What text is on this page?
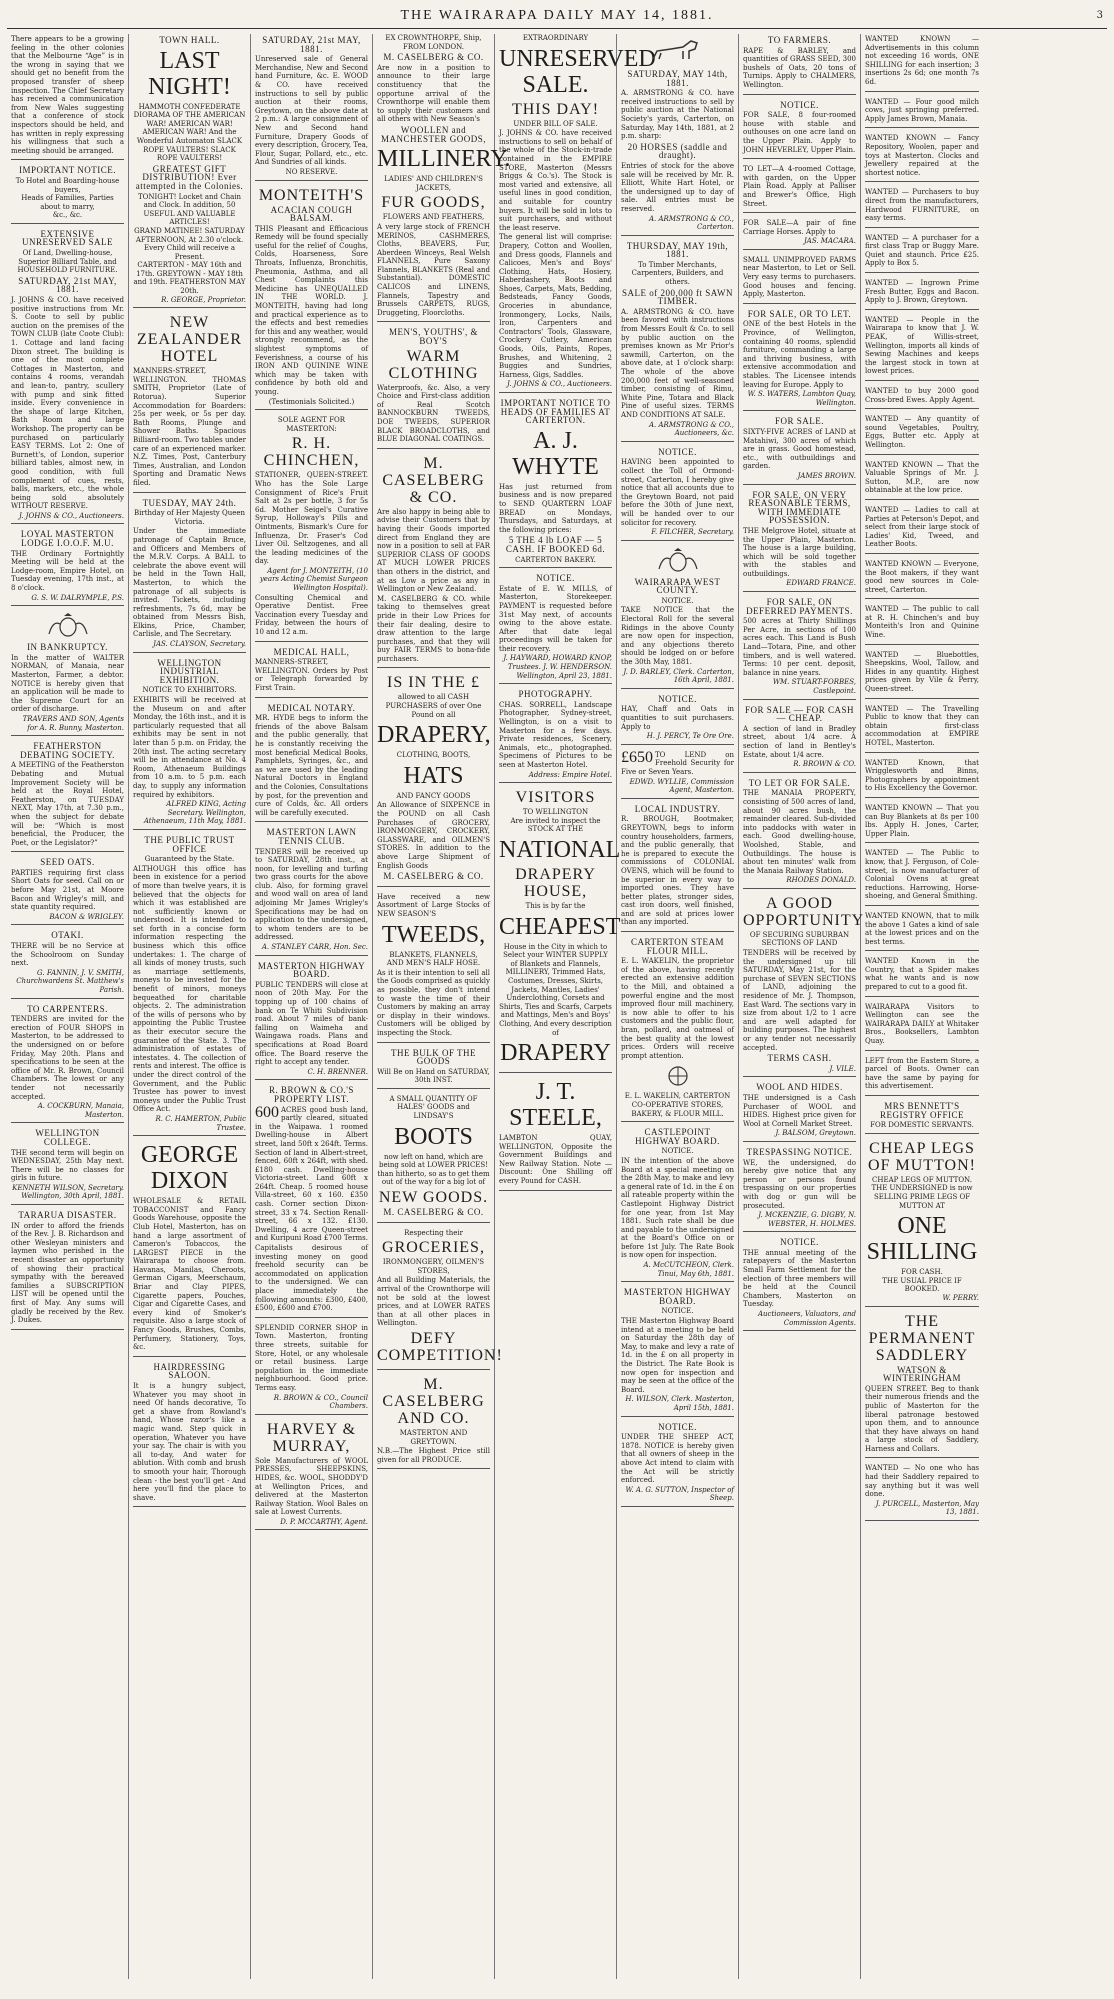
THE WAIRARAPA DAILY MAY 14, 1881.	3
There appears to be a growing feeling in the other colonies that the Melbourne “Age” is in the wrong in saying that we should get no benefit from the proposed transfer of sheep inspection. The Chief Secretary has received a communication from New Wales suggesting that a conference of stock inspectors should be held, and has written in reply expressing his willingness that such a meeting should be arranged.
IMPORTANT NOTICE.
To Hotel and Boarding-house buyers,
Heads of Families, Parties about to marry,
&c., &c.
EXTENSIVE UNRESERVED SALE
Of Land, Dwelling-house, Superior Billiard Table, and HOUSEHOLD FURNITURE.
SATURDAY, 21st MAY, 1881.
J. JOHNS & CO. have received positive instructions from Mr. S. Coote to sell by public auction on the premises of the TOWN CLUB (late Coote Club): 1. Cottage and land facing Dixon street. The building is one of the most complete Cottages in Masterton, and contains 4 rooms, verandah and lean-to, pantry, scullery with pump and sink fitted inside. Every convenience in the shape of large Kitchen, Bath Room and large Workshop. The property can be purchased on particularly EASY TERMS. Lot 2: One of Burnett's, of London, superior billiard tables, almost new, in good condition, with full complement of cues, rests, balls, markers, etc., the whole being sold absolutely WITHOUT RESERVE.
J. JOHNS & CO., Auctioneers.
LOYAL MASTERTON LODGE I.O.O.F. M.U.
THE Ordinary Fortnightly Meeting will be held at the Lodge-room, Empire Hotel, on Tuesday evening, 17th inst., at 8 o'clock.
G. S. W. DALRYMPLE, P.S.
IN BANKRUPTCY.
In the matter of WALTER NORMAN, of Manaia, near Masterton, Farmer, a debtor. NOTICE is hereby given that an application will be made to the Supreme Court for an order of discharge.
TRAVERS AND SON, Agents for A. R. Bunny, Masterton.
FEATHERSTON DEBATING SOCIETY.
A MEETING of the Featherston Debating and Mutual Improvement Society will be held at the Royal Hotel, Featherston, on TUESDAY NEXT, May 17th, at 7.30 p.m., when the subject for debate will be: “Which is most beneficial, the Producer, the Poet, or the Legislator?”
SEED OATS.
PARTIES requiring first class Short Oats for seed. Call on or before May 21st, at Moore Bacon and Wrigley's mill, and state quantity required.
BACON & WRIGLEY.
OTAKI.
THERE will be no Service at the Schoolroom on Sunday next.
G. FANNIN, J. V. SMITH, Churchwardens St. Matthew's Parish.
TO CARPENTERS.
TENDERS are invited for the erection of FOUR SHOPS in Masterton, to be addressed to the undersigned on or before Friday, May 20th. Plans and specifications to be seen at the office of Mr. R. Brown, Council Chambers. The lowest or any tender not necessarily accepted.
A. COCKBURN, Manaia, Masterton.
WELLINGTON COLLEGE.
THE second term will begin on WEDNESDAY, 25th May next. There will be no classes for girls in future.
KENNETH WILSON, Secretary. Wellington, 30th April, 1881.
TARARUA DISASTER.
IN order to afford the friends of the Rev. J. B. Richardson and other Wesleyan ministers and laymen who perished in the recent disaster an opportunity of showing their practical sympathy with the bereaved families a SUBSCRIPTION LIST will be opened until the first of May. Any sums will gladly be received by the Rev. J. Dukes.
TOWN HALL.
LAST NIGHT!
HAMMOTH CONFEDERATE DIORAMA OF THE AMERICAN WAR! AMERICAN WAR! AMERICAN WAR! And the Wonderful Automaton SLACK ROPE VAULTERS! SLACK ROPE VAULTERS!
GREATEST GIFT DISTRIBUTION! Ever attempted in the Colonies.
TONIGHT! Locket and Chain and Clock. In addition, 50 USEFUL AND VALUABLE ARTICLES!
GRAND MATINEE! SATURDAY AFTERNOON, At 2.30 o'clock. Every Child will receive a Present.
CARTERTON - MAY 16th and 17th. GREYTOWN - MAY 18th and 19th. FEATHERSTON MAY 20th.
R. GEORGE, Proprietor.
NEW ZEALANDER HOTEL
MANNERS-STREET, WELLINGTON. THOMAS SMITH, Proprietor (Late of Rotorua). Superior Accommodation for Boarders: 25s per week, or 5s per day. Bath Rooms, Plunge and Shower Baths. Spacious Billiard-room. Two tables under care of an experienced marker. N.Z. Times, Post, Canterbury Times, Australian, and London Sporting and Dramatic News filed.
TUESDAY, MAY 24th.
Birthday of Her Majesty Queen Victoria.
Under the immediate patronage of Captain Bruce, and Officers and Members of the M.R.V. Corps. A BALL to celebrate the above event will be held in the Town Hall, Masterton, to which the patronage of all subjects is invited. Tickets, including refreshments, 7s 6d, may be obtained from Messrs Bish, Elkins, Price, Chamber, Carlisle, and The Secretary.
JAS. CLAYSON, Secretary.
WELLINGTON INDUSTRIAL EXHIBITION.
NOTICE TO EXHIBITORS.
EXHIBITS will be received at the Museum on and after Monday, the 16th inst., and it is particularly requested that all exhibits may be sent in not later than 5 p.m. on Friday, the 20th inst. The acting secretary will be in attendance at No. 4 Room, Athenaeum Buildings from 10 a.m. to 5 p.m. each day, to supply any information required by exhibitors.
ALFRED KING, Acting Secretary. Wellington, Athenaeum, 11th May, 1881.
THE PUBLIC TRUST OFFICE
Guaranteed by the State.
ALTHOUGH this office has been in existence for a period of more than twelve years, it is believed that the objects for which it was established are not sufficiently known or understood. It is intended to set forth in a concise form information respecting the business which this office undertakes: 1. The charge of all kinds of money trusts, such as marriage settlements, moneys to be invested for the benefit of minors, moneys bequeathed for charitable objects. 2. The administration of the wills of persons who by appointing the Public Trustee as their executor secure the guarantee of the State. 3. The administration of estates of intestates. 4. The collection of rents and interest. The office is under the direct control of the Government, and the Public Trustee has power to invest moneys under the Public Trust Office Act.
R. C. HAMERTON, Public Trustee.
GEORGE DIXON
WHOLESALE & RETAIL TOBACCONIST and Fancy Goods Warehouse, opposite the Club Hotel, Masterton, has on hand a large assortment of Cameron's Tobaccos, the LARGEST PIECE in the Wairarapa to choose from. Havanas, Manilas, Cheroots, German Cigars, Meerschaum, Briar and Clay PIPES, Cigarette papers, Pouches, Cigar and Cigarette Cases, and every kind of Smoker's requisite. Also a large stock of Fancy Goods, Brushes, Combs, Perfumery, Stationery, Toys, &c.
HAIRDRESSING SALOON.
It is a hungry subject, Whatever you may shoot in need Of hands decorative, To get a shave from Rowland's hand, Whose razor's like a magic wand. Step quick in operation, Whatever you have your say. The chair is with you all to-day, And water for ablution. With comb and brush to smooth your hair, Thorough clean - the best you'll get - And here you'll find the place to shave.
SATURDAY, 21st MAY, 1881.
Unreserved sale of General Merchandise, New and Second hand Furniture, &c. E. WOOD & CO. have received instructions to sell by public auction at their rooms, Greytown, on the above date at 2 p.m.: A large consignment of New and Second hand Furniture, Drapery Goods of every description, Grocery, Tea, Flour, Sugar, Pollard, etc., etc. And Sundries of all kinds.
NO RESERVE.
MONTEITH'S
ACACIAN COUGH BALSAM.
THIS Pleasant and Efficacious Remedy will be found specially useful for the relief of Coughs, Colds, Hoarseness, Sore Throats, Influenza, Bronchitis, Pneumonia, Asthma, and all Chest Complaints this Medicine has UNEQUALLED IN THE WORLD. J. MONTEITH, having had long and practical experience as to the effects and best remedies for this and any weather, would strongly recommend, as the slightest symptoms of Feverishness, a course of his IRON AND QUININE WINE which may be taken with confidence by both old and young.
(Testimonials Solicited.)
SOLE AGENT FOR MASTERTON:
R. H. CHINCHEN,
STATIONER, QUEEN-STREET. Who has the Sole Large Consignment of Rice's Fruit Salt at 2s per bottle, 3 for 5s 6d. Mother Seigel's Curative Syrup, Holloway's Pills and Ointments, Bismark's Cure for Influenza, Dr. Fraser's Cod Liver Oil. Seltzogenes, and all the leading medicines of the day.
Agent for J. MONTEITH, (10 years Acting Chemist Surgeon Wellington Hospital).
Consulting Chemical and Operative Dentist. Free Vaccination every Tuesday and Friday, between the hours of 10 and 12 a.m.
MEDICAL HALL,
MANNERS-STREET, WELLINGTON. Orders by Post or Telegraph forwarded by First Train.
MEDICAL NOTARY.
MR. HYDE begs to inform the friends of the above Balsam and the public generally, that he is constantly receiving the most beneficial Medical Books, Pamphlets, Syringes, &c., and as we are used by the leading Natural Doctors in England and the Colonies, Consultations by post, for the prevention and cure of Colds, &c. All orders will be carefully executed.
MASTERTON LAWN TENNIS CLUB.
TENDERS will be received up to SATURDAY, 28th inst., at noon, for levelling and turfing two grass courts for the above club. Also, for forming gravel and wood wall on area of land adjoining Mr James Wrigley's Specifications may be had on application to the undersigned, to whom tenders are to be addressed.
A. STANLEY CARR, Hon. Sec.
MASTERTON HIGHWAY BOARD.
PUBLIC TENDERS will close at noon of 20th May. For the topping up of 100 chains of bank on Te Whiti Subdivision road. About 7 miles of bank-falling on Waimeha and Waingawa roads. Plans and specifications at Road Board office. The Board reserve the right to accept any tender.
C. H. BRENNER.
R. BROWN & CO.'S PROPERTY LIST.
600 ACRES good bush land, partly cleared, situated in the Waipawa. 1 roomed Dwelling-house in Albert street, land 50ft x 264ft. Terms. Section of land in Albert-street, fenced, 60ft x 264ft, with shed. £180 cash. Dwelling-house Victoria-street. Land 60ft x 264ft. Cheap. 5 roomed house Villa-street, 60 x 160. £350 cash. Corner section Dixon-street, 33 x 74. Section Renall-street, 66 x 132. £130. Dwelling, 4 acre Queen-street and Kuripuni Road £700 Terms.
Capitalists desirous of investing money on good freehold security can be accommodated on application to the undersigned. We can place immediately the following amounts: £300, £400, £500, £600 and £700.
SPLENDID CORNER SHOP in Town. Masterton, fronting three streets, suitable for Store, Hotel, or any wholesale or retail business. Large population in the immediate neighbourhood. Good price. Terms easy.
R. BROWN & CO., Council Chambers.
HARVEY & MURRAY,
Sole Manufacturers of WOOL PRESSES, SHEEPSKINS, HIDES, &c. WOOL, SHODDY'D at Wellington Prices, and delivered at the Masterton Railway Station. Wool Bales on sale at Lowest Currents.
D. P. MCCARTHY, Agent.
EX CROWNTHORPE, Ship, FROM LONDON.
M. CASELBERG & CO.
Are now in a position to announce to their large constituency that the opportune arrival of the Crownthorpe will enable them to supply their customers and all others with New Season's
WOOLLEN and MANCHESTER GOODS,
MILLINERY.
LADIES' AND CHILDREN'S JACKETS,
FUR GOODS,
FLOWERS AND FEATHERS,
A very large stock of FRENCH MERINOS, CASHMERES, Cloths, BEAVERS, Fur, Aberdeen Winceys, Real Welsh FLANNELS, Pure Saxony Flannels, BLANKETS (Real and Substantial). DOMESTIC CALICOS and LINENS, Flannels, Tapestry and Brussels CARPETS, RUGS, Druggeting, Floorcloths.
MEN'S, YOUTHS', & BOY'S
WARM CLOTHING
Waterproofs, &c. Also, a very Choice and First-class addition of Real Scotch BANNOCKBURN TWEEDS, DOE TWEEDS, SUPERIOR BLACK BROADCLOTHS, and BLUE DIAGONAL COATINGS.
M. CASELBERG & CO.
Are also happy in being able to advise their Customers that by having their Goods imported direct from England they are now in a position to sell at FAR SUPERIOR CLASS OF GOODS AT MUCH LOWER PRICES than others in the district, and at as Low a price as any in Wellington or New Zealand.
M. CASELBERG & CO. while taking to themselves great pride in their Low Prices for their fair dealing, desire to draw attention to the large purchases, and that they will buy FAIR TERMS to bona-fide purchasers.
IS IN THE £
allowed to all CASH PURCHASERS of over One Pound on all
DRAPERY,
CLOTHING, BOOTS,
HATS
AND FANCY GOODS
An Allowance of SIXPENCE in the POUND on all Cash Purchases of GROCERY, IRONMONGERY, CROCKERY, GLASSWARE, and OILMEN'S STORES. In addition to the above Large Shipment of English Goods
M. CASELBERG & CO.
Have received a new Assortment of Large Stocks of NEW SEASON'S
TWEEDS,
BLANKETS, FLANNELS,
AND MEN'S HALF HOSE.
As it is their intention to sell all the Goods comprised as quickly as possible, they don't intend to waste the time of their Customers by making an array or display in their windows. Customers will be obliged by inspecting the Stock.
THE BULK OF THE GOODS
Will Be on Hand on SATURDAY, 30th INST.
A SMALL QUANTITY OF HALES' GOODS and LINDSAY'S
BOOTS
now left on hand, which are being sold at LOWER PRICES! than hitherto, so as to get them out of the way for a big lot of
NEW GOODS.
M. CASELBERG & CO.
Respecting their
GROCERIES,
IRONMONGERY, OILMEN'S STORES,
And all Building Materials, the arrival of the Crownthorpe will not be sold at the lowest prices, and at LOWER RATES than at all other places in Wellington.
DEFY COMPETITION!
M. CASELBERG AND CO.
MASTERTON AND GREYTOWN.
N.B.—The Highest Price still given for all PRODUCE.
EXTRAORDINARY
UNRESERVED SALE.
THIS DAY!
UNDER BILL OF SALE.
J. JOHNS & CO. have received instructions to sell on behalf of the whole of the Stock-in-trade contained in the EMPIRE STORE, Masterton (Messrs Briggs & Co.'s). The Stock is most varied and extensive, all useful lines in good condition, and suitable for country buyers. It will be sold in lots to suit purchasers, and without the least reserve.
The general list will comprise: Drapery, Cotton and Woollen, and Dress goods, Flannels and Calicoes, Men's and Boys' Clothing, Hats, Hosiery, Haberdashery, Boots and Shoes, Carpets, Mats, Bedding, Bedsteads, Fancy Goods, Groceries in abundance, Ironmongery, Locks, Nails, Iron, Carpenters and Contractors' Tools, Glassware, Crockery Cutlery, American Goods, Oils, Paints, Ropes, Brushes, and Whitening, 2 Buggies and Sundries, Harness, Gigs, Saddles.
J. JOHNS & CO., Auctioneers.
IMPORTANT NOTICE TO HEADS OF FAMILIES AT CARTERTON.
A. J. WHYTE
Has just returned from business and is now prepared to SEND QUARTERN LOAF BREAD on Mondays, Thursdays, and Saturdays, at the following prices:
5 THE 4 lb LOAF — 5 CASH. IF BOOKED 6d.
CARTERTON BAKERY.
NOTICE.
Estate of E. W. MILLS, of Masterton, Storekeeper. PAYMENT is requested before 31st May next, of accounts owing to the above estate. After that date legal proceedings will be taken for their recovery.
J. HAYWARD, HOWARD KNOP, Trustees. J. W. HENDERSON. Wellington, April 23, 1881.
PHOTOGRAPHY.
CHAS. SORRELL, Landscape Photographer, Sydney-street, Wellington, is on a visit to Masterton for a few days. Private residences, Scenery, Animals, etc., photographed. Specimens of Pictures to be seen at Masterton Hotel.
Address: Empire Hotel.
VISITORS
TO WELLINGTON
Are invited to inspect the STOCK AT THE
NATIONAL
DRAPERY HOUSE,
This is by far the
CHEAPEST
House in the City in which to Select your WINTER SUPPLY of Blankets and Flannels, MILLINERY, Trimmed Hats, Costumes, Dresses, Skirts, Jackets, Mantles, Ladies' Underclothing, Corsets and Shirts, Ties and Scarfs, Carpets and Mattings, Men's and Boys' Clothing, And every description of
DRAPERY
J. T. STEELE,
LAMBTON QUAY, WELLINGTON, Opposite the Government Buildings and New Railway Station. Note — Discount: One Shilling off every Pound for CASH.
SATURDAY, MAY 14th, 1881.
A. ARMSTRONG & CO. have received instructions to sell by public auction at the National Society's yards, Carterton, on Saturday, May 14th, 1881, at 2 p.m. sharp:
20 HORSES (saddle and draught).
Entries of stock for the above sale will be received by Mr. R. Elliott, White Hart Hotel, or the undersigned up to day of sale. All entries must be reserved.
A. ARMSTRONG & CO., Carterton.
THURSDAY, MAY 19th, 1881.
To Timber Merchants, Carpenters, Builders, and others.
SALE of 200,000 ft SAWN TIMBER.
A. ARMSTRONG & CO. have been favored with instructions from Messrs Eoult & Co. to sell by public auction on the premises known as Mr Prior's sawmill, Carterton, on the above date, at 1 o'clock sharp: The whole of the above 200,000 feet of well-seasoned timber, consisting of Rimu, White Pine, Totara and Black Pine of useful sizes. TERMS AND CONDITIONS AT SALE.
A. ARMSTRONG & CO., Auctioneers, &c.
NOTICE.
HAVING been appointed to collect the Toll of Ormond-street, Carterton, I hereby give notice that all accounts due to the Greytown Board, not paid before the 30th of June next, will be handed over to our solicitor for recovery.
F. FILCHER, Secretary.
WAIRARAPA WEST COUNTY.
NOTICE.
TAKE NOTICE that the Electoral Roll for the several Ridings in the above County are now open for inspection, and any objections thereto should be lodged on or before the 30th May, 1881.
J. D. BARLEY, Clerk. Carterton, 16th April, 1881.
NOTICE.
HAY, Chaff and Oats in quantities to suit purchasers. Apply to
H. J. PERCY, Te Ore Ore.
£650 TO LEND on Freehold Security for Five or Seven Years.
EDWD. WYLLIE, Commission Agent, Masterton.
LOCAL INDUSTRY.
R. BROUGH, Bootmaker, GREYTOWN, begs to inform country householders, farmers, and the public generally, that he is prepared to execute the commissions of COLONIAL OVENS, which will be found to be superior in every way to imported ones. They have better plates, stronger sides, cast iron doors, well finished, and are sold at prices lower than any imported.
CARTERTON STEAM FLOUR MILL.
E. L. WAKELIN, the proprietor of the above, having recently erected an extensive addition to the Mill, and obtained a powerful engine and the most improved flour mill machinery, is now able to offer to his customers and the public flour, bran, pollard, and oatmeal of the best quality at the lowest prices. Orders will receive prompt attention.
E. L. WAKELIN, CARTERTON CO-OPERATIVE STORES, BAKERY, & FLOUR MILL.
CASTLEPOINT HIGHWAY BOARD.
NOTICE.
IN the intention of the above Board at a special meeting on the 28th May, to make and levy a general rate of 1d. in the £ on all rateable property within the Castlepoint Highway District for one year, from 1st May 1881. Such rate shall be due and payable to the undersigned at the Board's Office on or before 1st July. The Rate Book is now open for inspection.
A. McCUTCHEON, Clerk. Tinui, May 6th, 1881.
MASTERTON HIGHWAY BOARD.
NOTICE.
THE Masterton Highway Board intend at a meeting to be held on Saturday the 28th day of May, to make and levy a rate of 1d. in the £ on all property in the District. The Rate Book is now open for inspection and may be seen at the office of the Board.
H. WILSON, Clerk. Masterton, April 15th, 1881.
NOTICE.
UNDER THE SHEEP ACT, 1878. NOTICE is hereby given that all owners of sheep in the above Act intend to claim with the Act will be strictly enforced.
W. A. G. SUTTON, Inspector of Sheep.
TO FARMERS.
RAPE & BARLEY, and quantities of GRASS SEED, 300 bushels of Oats, 20 tons of Turnips. Apply to CHALMERS, Wellington.
NOTICE.
FOR SALE, 8 four-roomed house with stable and outhouses on one acre land on the Upper Plain. Apply to JOHN HEVERLEY, Upper Plain.
TO LET—A 4-roomed Cottage, with garden, on the Upper Plain Road. Apply at Palliser and Brewer's Office, High Street.
FOR SALE—A pair of fine Carriage Horses. Apply to
JAS. MACARA.
SMALL UNIMPROVED FARMS near Masterton, to Let or Sell. Very easy terms to purchasers. Good houses and fencing. Apply, Masterton.
FOR SALE, OR TO LET.
ONE of the best Hotels in the Province, of Wellington, containing 40 rooms, splendid furniture, commanding a large and thriving business, with extensive accommodation and stables. The Licensee intends leaving for Europe. Apply to
W. S. WATERS, Lambton Quay, Wellington.
FOR SALE.
SIXTY-FIVE ACRES of LAND at Matahiwi, 300 acres of which are in grass. Good homestead, etc., with outbuildings and garden.
JAMES BROWN.
FOR SALE, ON VERY REASONABLE TERMS, WITH IMMEDIATE POSSESSION.
THE Melgrove Hotel, situate at the Upper Plain, Masterton. The house is a large building, which will be sold together with the stables and outbuildings.
EDWARD FRANCE.
FOR SALE, ON DEFERRED PAYMENTS.
500 acres at Thirty Shillings Per Acre, in sections of 100 acres each. This Land is Bush Land—Totara, Pine, and other timbers, and is well watered. Terms: 10 per cent. deposit, balance in nine years.
WM. STUART-FORBES, Castlepoint.
FOR SALE — FOR CASH — CHEAP.
A section of land in Bradley street, about 1/4 acre. A section of land in Bentley's Estate, about 1/4 acre.
R. BROWN & CO.
TO LET OR FOR SALE.
THE MANAIA PROPERTY, consisting of 500 acres of land, about 90 acres bush, the remainder cleared. Sub-divided into paddocks with water in each. Good dwelling-house, Woolshed, Stable, and Outbuildings. The house is about ten minutes' walk from the Manaia Railway Station.
RHODES DONALD.
A GOOD OPPORTUNITY
OF SECURING SUBURBAN SECTIONS OF LAND
TENDERS will be received by the undersigned up till SATURDAY, May 21st, for the purchase of SEVEN SECTIONS of LAND, adjoining the residence of Mr. J. Thompson, East Ward. The sections vary in size from about 1/2 to 1 acre and are well adapted for building purposes. The highest or any tender not necessarily accepted.
TERMS CASH.
J. VILE.
WOOL AND HIDES.
THE undersigned is a Cash Purchaser of WOOL and HIDES. Highest price given for Wool at Cornell Market Street.
J. BALSOM, Greytown.
TRESPASSING NOTICE.
WE, the undersigned, do hereby give notice that any person or persons found trespassing on our properties with dog or gun will be prosecuted.
J. MCKENZIE, G. DIGBY, N. WEBSTER, H. HOLMES.
NOTICE.
THE annual meeting of the ratepayers of the Masterton Small Farm Settlement for the election of three members will be held at the Council Chambers, Masterton on Tuesday.
Auctioneers, Valuators, and Commission Agents.
WANTED KNOWN — Advertisements in this column not exceeding 16 words, ONE SHILLING for each insertion; 3 insertions 2s 6d; one month 7s 6d.
WANTED — Four good milch cows, just springing preferred. Apply James Brown, Manaia.
WANTED KNOWN — Fancy Repository, Woolen, paper and toys at Masterton. Clocks and Jewellery repaired at the shortest notice.
WANTED — Purchasers to buy direct from the manufacturers, Hardwood FURNITURE, on easy terms.
WANTED — A purchaser for a first class Trap or Buggy Mare. Quiet and staunch. Price £25. Apply to Box 5.
WANTED — Ingrown Prime Fresh Butter, Eggs and Bacon. Apply to J. Brown, Greytown.
WANTED — People in the Wairarapa to know that J. W. PEAK, of Willis-street, Wellington, imports all kinds of Sewing Machines and keeps the largest stock in town at lowest prices.
WANTED to buy 2000 good Cross-bred Ewes. Apply Agent.
WANTED — Any quantity of sound Vegetables, Poultry, Eggs, Butter etc. Apply at Wellington.
WANTED KNOWN — That the Valuable Springs of Mr. J. Sutton, M.P., are now obtainable at the low price.
WANTED — Ladies to call at Parties at Peterson's Depot, and select from their large stock of Ladies' Kid, Tweed, and Leather Boots.
WANTED KNOWN — Everyone, the Boot makers, if they want good new sources in Cole-street, Carterton.
WANTED — The public to call at R. H. Chinchen's and buy Monteith's Iron and Quinine Wine.
WANTED — Bluebottles, Sheepskins, Wool, Tallow, and Hides in any quantity. Highest prices given by Vile & Perry, Queen-street.
WANTED — The Travelling Public to know that they can obtain first-class accommodation at EMPIRE HOTEL, Masterton.
WANTED Known, that Wrigglesworth and Binns, Photographers by appointment to His Excellency the Governor.
WANTED KNOWN — That you can Buy Blankets at 8s per 100 lbs. Apply H. Jones, Carter, Upper Plain.
WANTED — The Public to know, that J. Ferguson, of Cole-street, is now manufacturer of Colonial Ovens at great reductions. Harrowing, Horse-shoeing, and General Smithing.
WANTED KNOWN, that to milk the above 1 Gates a kind of sale at the lowest prices and on the best terms.
WANTED Known in the Country, that a Spider makes what he wants and is now prepared to cut to a good fit.
WAIRARAPA Visitors to Wellington can see the WAIRARAPA DAILY at Whitaker Bros., Booksellers, Lambton Quay.
LEFT from the Eastern Store, a parcel of Boots. Owner can have the same by paying for this advertisement.
MRS BENNETT'S REGISTRY OFFICE
FOR DOMESTIC SERVANTS.
CHEAP LEGS OF MUTTON!
CHEAP LEGS OF MUTTON.
THE UNDERSIGNED is now SELLING PRIME LEGS OF MUTTON AT
ONE SHILLING
FOR CASH.
THE USUAL PRICE IF BOOKED.
W. PERRY.
THE PERMANENT SADDLERY
WATSON & WINTERINGHAM
QUEEN STREET. Beg to thank their numerous friends and the public of Masterton for the liberal patronage bestowed upon them, and to announce that they have always on hand a large stock of Saddlery, Harness and Collars.
WANTED — No one who has had their Saddlery repaired to say anything but it was well done.
J. PURCELL, Masterton, May 13, 1881.
